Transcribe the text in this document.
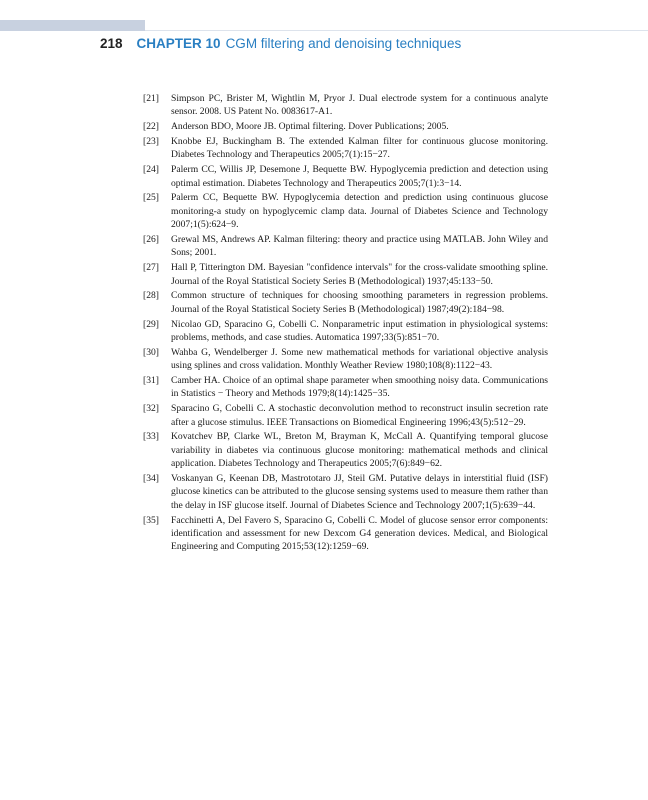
218 CHAPTER 10 CGM filtering and denoising techniques
[21]	Simpson PC, Brister M, Wightlin M, Pryor J. Dual electrode system for a continuous analyte sensor. 2008. US Patent No. 0083617-A1.
[22]	Anderson BDO, Moore JB. Optimal filtering. Dover Publications; 2005.
[23]	Knobbe EJ, Buckingham B. The extended Kalman filter for continuous glucose monitoring. Diabetes Technology and Therapeutics 2005;7(1):15−27.
[24]	Palerm CC, Willis JP, Desemone J, Bequette BW. Hypoglycemia prediction and detection using optimal estimation. Diabetes Technology and Therapeutics 2005;7(1):3−14.
[25]	Palerm CC, Bequette BW. Hypoglycemia detection and prediction using continuous glucose monitoring-a study on hypoglycemic clamp data. Journal of Diabetes Science and Technology 2007;1(5):624−9.
[26]	Grewal MS, Andrews AP. Kalman filtering: theory and practice using MATLAB. John Wiley and Sons; 2001.
[27]	Hall P, Titterington DM. Bayesian "confidence intervals" for the cross-validate smoothing spline. Journal of the Royal Statistical Society Series B (Methodological) 1937;45:133−50.
[28]	Common structure of techniques for choosing smoothing parameters in regression problems. Journal of the Royal Statistical Society Series B (Methodological) 1987;49(2):184−98.
[29]	Nicolao GD, Sparacino G, Cobelli C. Nonparametric input estimation in physiological systems: problems, methods, and case studies. Automatica 1997;33(5):851−70.
[30]	Wahba G, Wendelberger J. Some new mathematical methods for variational objective analysis using splines and cross validation. Monthly Weather Review 1980;108(8):1122−43.
[31]	Camber HA. Choice of an optimal shape parameter when smoothing noisy data. Communications in Statistics − Theory and Methods 1979;8(14):1425−35.
[32]	Sparacino G, Cobelli C. A stochastic deconvolution method to reconstruct insulin secretion rate after a glucose stimulus. IEEE Transactions on Biomedical Engineering 1996;43(5):512−29.
[33]	Kovatchev BP, Clarke WL, Breton M, Brayman K, McCall A. Quantifying temporal glucose variability in diabetes via continuous glucose monitoring: mathematical methods and clinical application. Diabetes Technology and Therapeutics 2005;7(6):849−62.
[34]	Voskanyan G, Keenan DB, Mastrototaro JJ, Steil GM. Putative delays in interstitial fluid (ISF) glucose kinetics can be attributed to the glucose sensing systems used to measure them rather than the delay in ISF glucose itself. Journal of Diabetes Science and Technology 2007;1(5):639−44.
[35]	Facchinetti A, Del Favero S, Sparacino G, Cobelli C. Model of glucose sensor error components: identification and assessment for new Dexcom G4 generation devices. Medical, and Biological Engineering and Computing 2015;53(12):1259−69.
